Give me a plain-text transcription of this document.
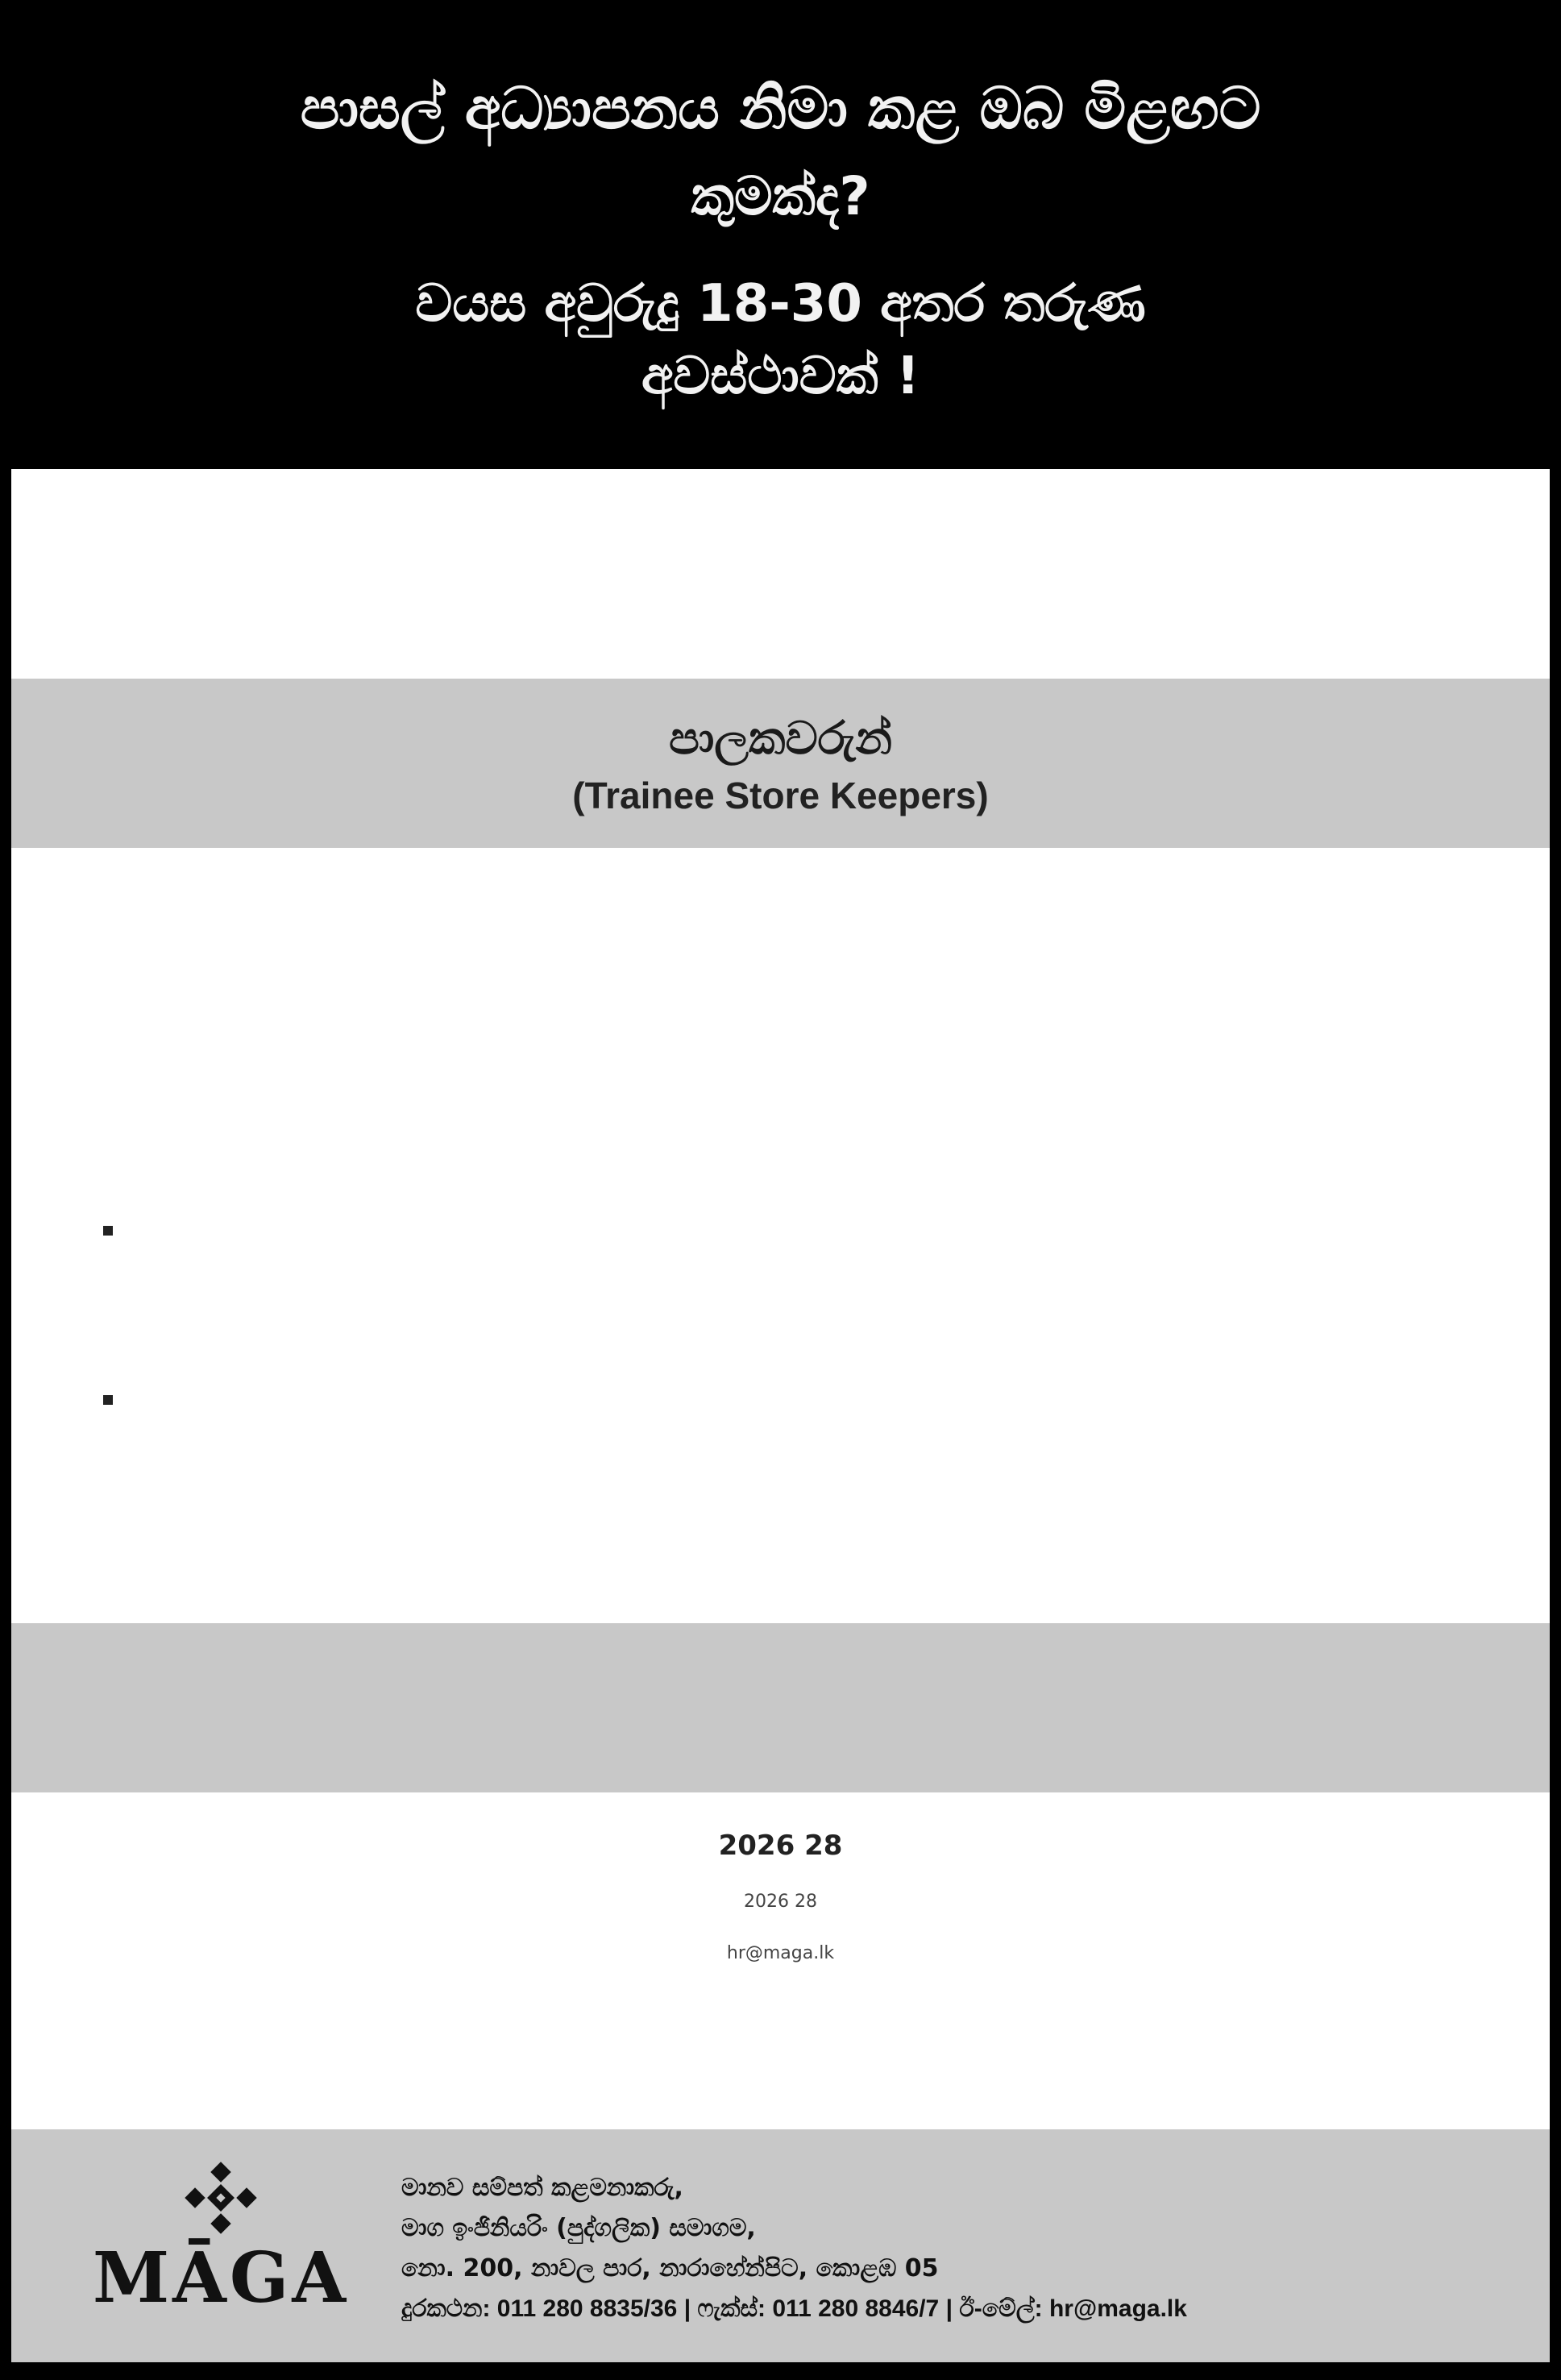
පාසල් අධ්‍යාපනය නිමා කළ ඔබ මිළඟට
කුමක්ද?
වයස අවුරුදු 18-30 අතර තරුණ
අවස්ථාවක් !
පාලකවරුන්
(Trainee Store Keepers)

2026 28
2026 28
hr@maga.lk
MĀGA
මානව සම්පත් කළමනාකරු,
මාග ඉංජිනියරිං (පුද්ගලික) සමාගම,
නො. 200, නාවල පාර, නාරාහේන්පිට, කොළඹ 05
දුරකථන: 011 280 8835/36 | ෆැක්ස්: 011 280 8846/7 | ඊ-මේල්: hr@maga.lk
